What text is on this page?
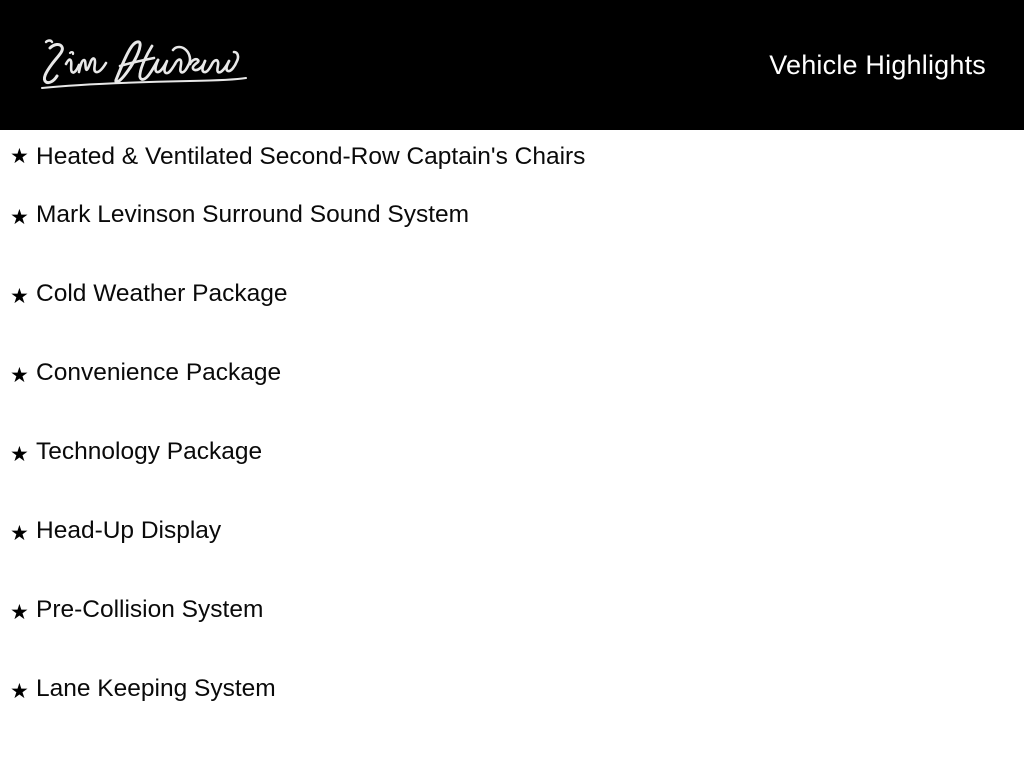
Vehicle Highlights
★ Heated & Ventilated Second-Row Captain's Chairs
★ Mark Levinson Surround Sound System
★ Cold Weather Package
★ Convenience Package
★ Technology Package
★ Head-Up Display
★ Pre-Collision System
★ Lane Keeping System
